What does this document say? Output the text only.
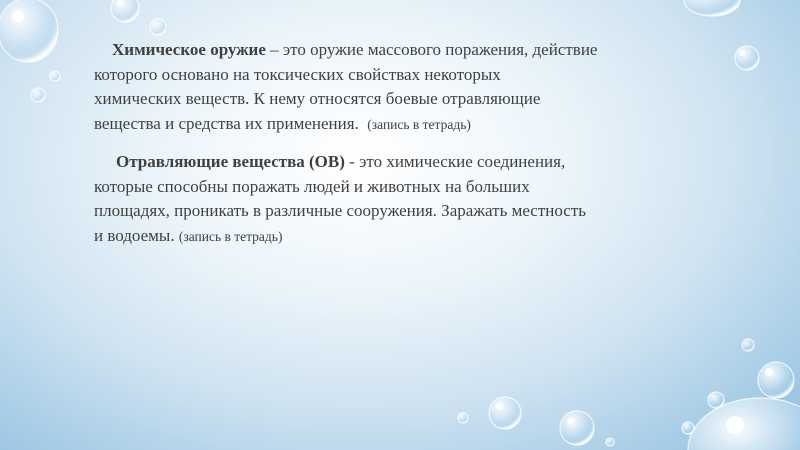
Химическое оружие – это оружие массового поражения, действие
которого основано на токсических свойствах некоторых
химических веществ. К нему относятся боевые отравляющие
вещества и средства их применения. (запись в тетрадь)

Отравляющие вещества (ОВ) - это химические соединения,
которые способны поражать людей и животных на больших
площадях, проникать в различные сооружения. Заражать местность
и водоемы. (запись в тетрадь)
